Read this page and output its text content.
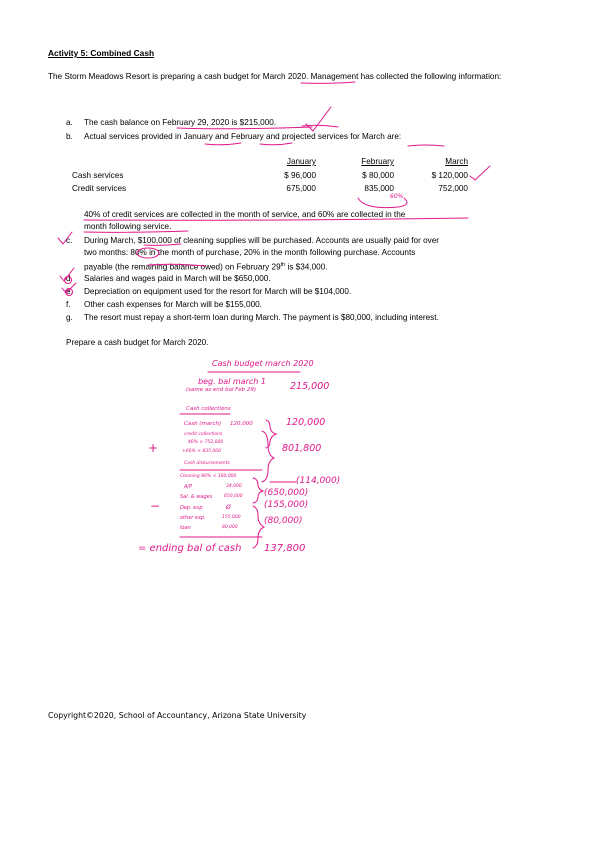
Activity 5: Combined Cash
The Storm Meadows Resort is preparing a cash budget for March 2020. Management has collected the following information:
a. The cash balance on February 29, 2020 is $215,000.
b. Actual services provided in January and February and projected services for March are:
January	February	March
Cash services	$ 96,000	$ 80,000	$ 120,000
Credit services	675,000	835,000	752,000
40% of credit services are collected in the month of service, and 60% are collected in the
month following service.
c. During March, $100,000 of cleaning supplies will be purchased. Accounts are usually paid for over
two months: 80% in the month of purchase, 20% in the month following purchase. Accounts
payable (the remaining balance owed) on February 29th is $34,000.
d. Salaries and wages paid in March will be $650,000.
e. Depreciation on equipment used for the resort for March will be $104,000.
f. Other cash expenses for March will be $155,000.
g. The resort must repay a short-term loan during March. The payment is $80,000, including interest.
Prepare a cash budget for March 2020.
60%
Cash budget march 2020
beg. bal march 1
(same as end bal Feb 29)	215,000
Cash collections
Cash (march) 120,000	120,000
credit collections
40% × 752,000
+60% × 835,000	801,800
+
Cash disbursements
Cleaning 80% × 100,000
A/P	34,000
Sal. & wages	650,000
Dep. exp	Ø
other exp.	155,000
loan	80,000
−
(114,000)
(650,000)
(155,000)
(80,000)
= ending bal of cash 137,800
Copyright©2020, School of Accountancy, Arizona State University
